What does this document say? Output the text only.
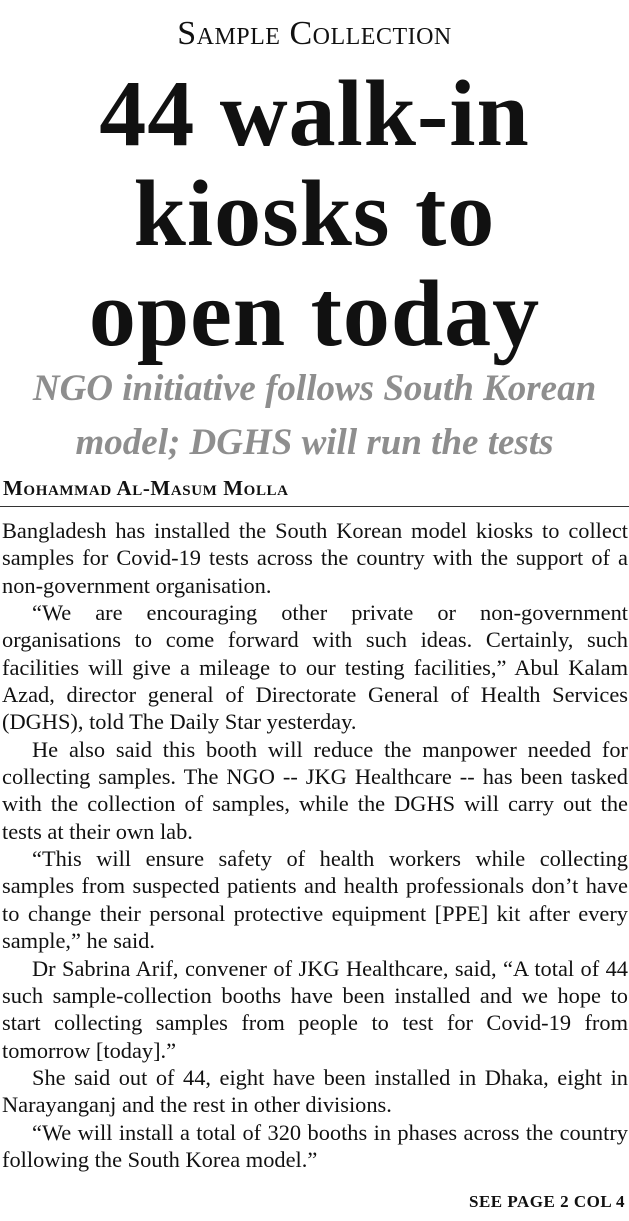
Sample Collection
44 walk-in
kiosks to
open today
NGO initiative follows South Korean
model; DGHS will run the tests
Mohammad Al-Masum Molla

Bangladesh has installed the South Korean model kiosks to collect samples for Covid-19 tests across the country with the support of a non-government organisation.

“We are encouraging other private or non-government organisations to come forward with such ideas. Certainly, such facilities will give a mileage to our testing facilities,” Abul Kalam Azad, director general of Directorate General of Health Services (DGHS), told The Daily Star yesterday.

He also said this booth will reduce the manpower needed for collecting samples. The NGO -- JKG Healthcare -- has been tasked with the collection of samples, while the DGHS will carry out the tests at their own lab.

“This will ensure safety of health workers while collecting samples from suspected patients and health professionals don’t have to change their personal protective equipment [PPE] kit after every sample,” he said.

Dr Sabrina Arif, convener of JKG Healthcare, said, “A total of 44 such sample-collection booths have been installed and we hope to start collecting samples from people to test for Covid-19 from tomorrow [today].”

She said out of 44, eight have been installed in Dhaka, eight in Narayanganj and the rest in other divisions.

“We will install a total of 320 booths in phases across the country following the South Korea model.”

SEE PAGE 2 COL 4
